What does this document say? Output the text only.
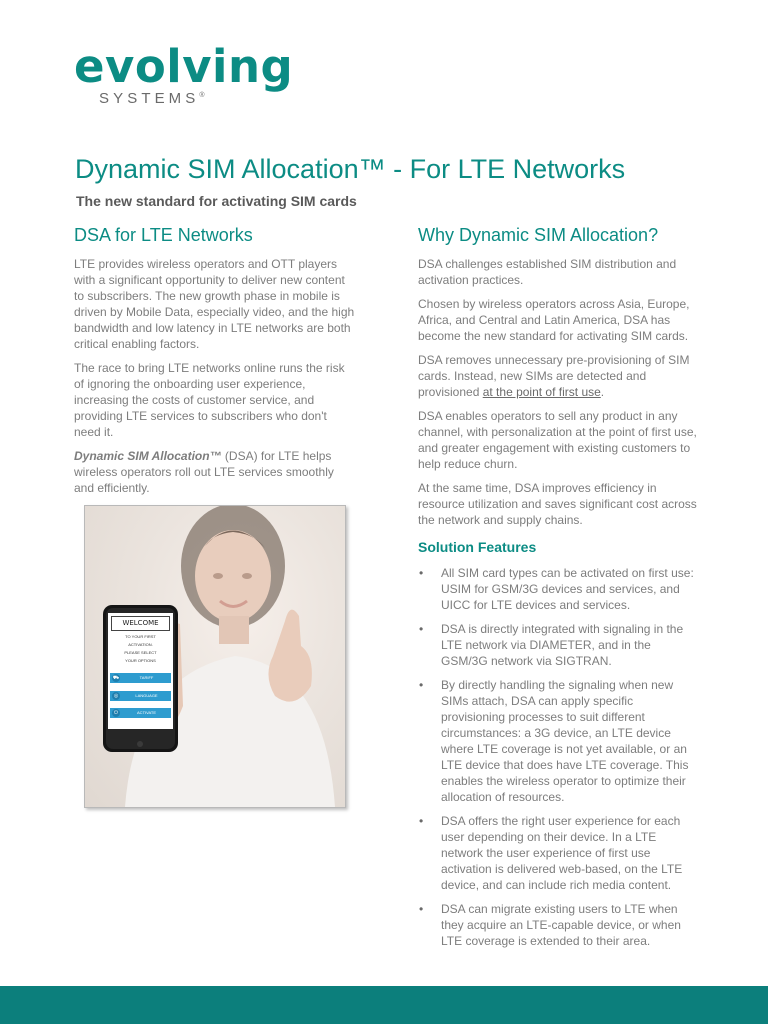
evolving
SYSTEMS®
Dynamic SIM Allocation™ - For LTE Networks
The new standard for activating SIM cards
DSA for LTE Networks

LTE provides wireless operators and OTT players with a significant opportunity to deliver new content to subscribers. The new growth phase in mobile is driven by Mobile Data, especially video, and the high bandwidth and low latency in LTE networks are both critical enabling factors.

The race to bring LTE networks online runs the risk of ignoring the onboarding user experience, increasing the costs of customer service, and providing LTE services to subscribers who don't need it.

Dynamic SIM Allocation™ (DSA) for LTE helps wireless operators roll out LTE services smoothly and efficiently.

WELCOME
TO YOUR FIRST
ACTIVATION.
PLEASE SELECT
YOUR OPTIONS
⛟	TARIFF
◎	LANGUAGE
⏻	ACTIVATE
Why Dynamic SIM Allocation?

DSA challenges established SIM distribution and activation practices.

Chosen by wireless operators across Asia, Europe, Africa, and Central and Latin America, DSA has become the new standard for activating SIM cards.

DSA removes unnecessary pre-provisioning of SIM cards. Instead, new SIMs are detected and provisioned at the point of first use.

DSA enables operators to sell any product in any channel, with personalization at the point of first use, and greater engagement with existing customers to help reduce churn.

At the same time, DSA improves efficiency in resource utilization and saves significant cost across the network and supply chains.

Solution Features
• All SIM card types can be activated on first use: USIM for GSM/3G devices and services, and UICC for LTE devices and services.
• DSA is directly integrated with signaling in the LTE network via DIAMETER, and in the GSM/3G network via SIGTRAN.
• By directly handling the signaling when new SIMs attach, DSA can apply specific provisioning processes to suit different circumstances: a 3G device, an LTE device where LTE coverage is not yet available, or an LTE device that does have LTE coverage. This enables the wireless operator to optimize their allocation of resources.
• DSA offers the right user experience for each user depending on their device. In a LTE network the user experience of first use activation is delivered web-based, on the LTE device, and can include rich media content.
• DSA can migrate existing users to LTE when they acquire an LTE-capable device, or when LTE coverage is extended to their area.
